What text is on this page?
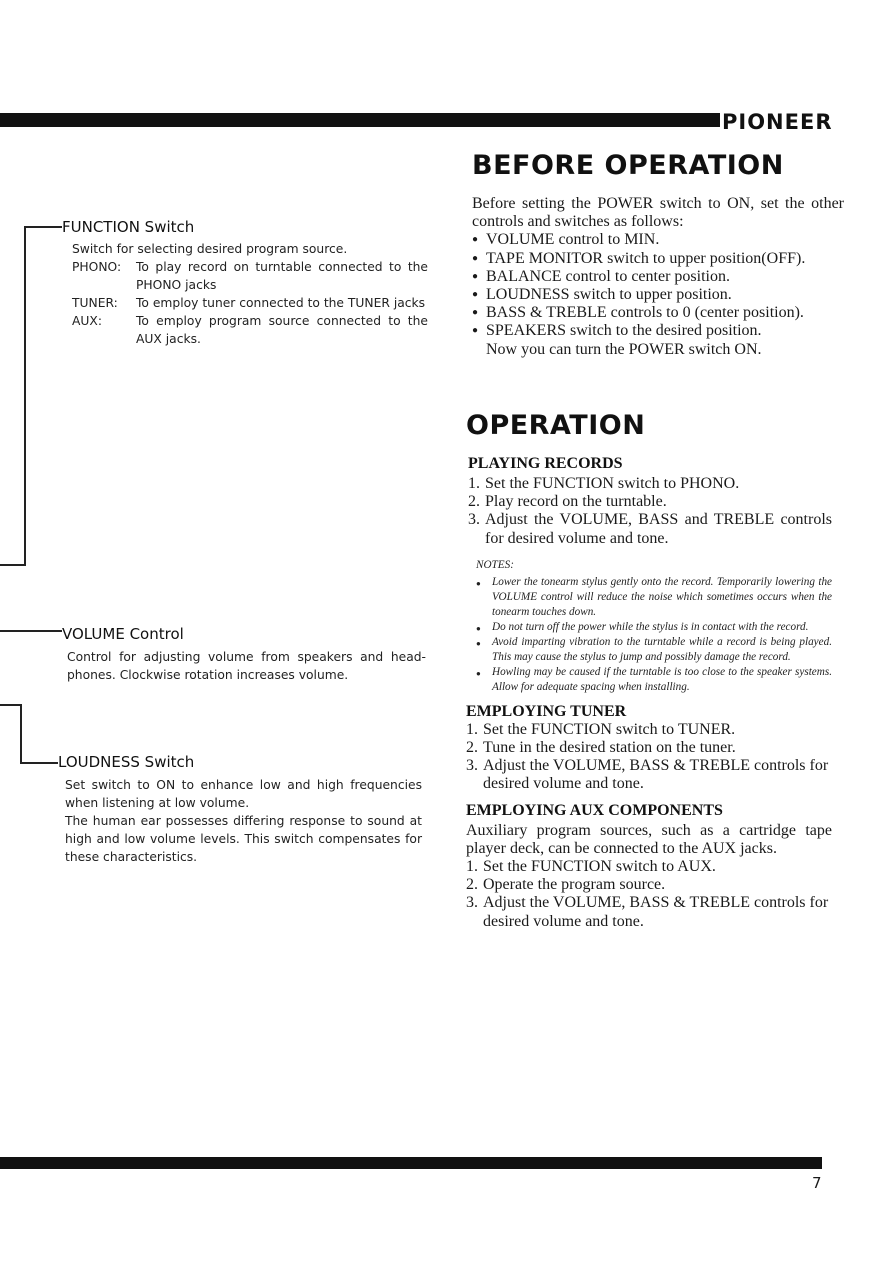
PIONEER
7
FUNCTION Switch
Switch for selecting desired program source.
PHONO:	To play record on turntable connected to the PHONO jacks
TUNER:	To employ tuner connected to the TUNER jacks
AUX:	To employ program source connected to the AUX jacks.
VOLUME Control
Control for adjusting volume from speakers and head-phones. Clockwise rotation increases volume.
LOUDNESS Switch
Set switch to ON to enhance low and high frequencies when listening at low volume.
The human ear possesses differing response to sound at high and low volume levels. This switch compensates for these characteristics.
BEFORE OPERATION
Before setting the POWER switch to ON, set the other controls and switches as follows:
● VOLUME control to MIN.
● TAPE MONITOR switch to upper position(OFF).
● BALANCE control to center position.
● LOUDNESS switch to upper position.
● BASS & TREBLE controls to 0 (center position).
● SPEAKERS switch to the desired position.
Now you can turn the POWER switch ON.
OPERATION
PLAYING RECORDS
1. Set the FUNCTION switch to PHONO.
2. Play record on the turntable.
3. Adjust the VOLUME, BASS and TREBLE controls for desired volume and tone.
NOTES:
● Lower the tonearm stylus gently onto the record. Temporarily lowering the VOLUME control will reduce the noise which sometimes occurs when the tonearm touches down.
● Do not turn off the power while the stylus is in contact with the record.
● Avoid imparting vibration to the turntable while a record is being played. This may cause the stylus to jump and possibly damage the record.
● Howling may be caused if the turntable is too close to the speaker systems. Allow for adequate spacing when installing.
EMPLOYING TUNER
1. Set the FUNCTION switch to TUNER.
2. Tune in the desired station on the tuner.
3. Adjust the VOLUME, BASS & TREBLE controls for desired volume and tone.
EMPLOYING AUX COMPONENTS
Auxiliary program sources, such as a cartridge tape player deck, can be connected to the AUX jacks.
1. Set the FUNCTION switch to AUX.
2. Operate the program source.
3. Adjust the VOLUME, BASS & TREBLE controls for desired volume and tone.
